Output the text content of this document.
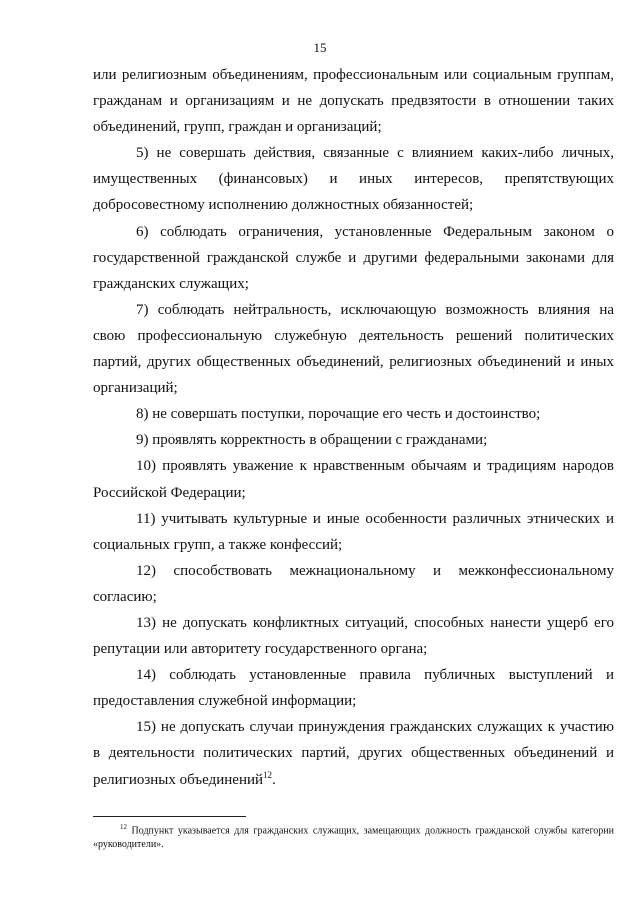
15

или религиозным объединениям, профессиональным или социальным группам, гражданам и организациям и не допускать предвзятости в отношении таких объединений, групп, граждан и организаций;

5) не совершать действия, связанные с влиянием каких-либо личных, имущественных (финансовых) и иных интересов, препятствующих добросовестному исполнению должностных обязанностей;

6) соблюдать ограничения, установленные Федеральным законом о государственной гражданской службе и другими федеральными законами для гражданских служащих;

7) соблюдать нейтральность, исключающую возможность влияния на свою профессиональную служебную деятельность решений политических партий, других общественных объединений, религиозных объединений и иных организаций;

8) не совершать поступки, порочащие его честь и достоинство;

9) проявлять корректность в обращении с гражданами;

10) проявлять уважение к нравственным обычаям и традициям народов Российской Федерации;

11) учитывать культурные и иные особенности различных этнических и социальных групп, а также конфессий;

12) способствовать межнациональному и межконфессиональному согласию;

13) не допускать конфликтных ситуаций, способных нанести ущерб его репутации или авторитету государственного органа;

14) соблюдать установленные правила публичных выступлений и предоставления служебной информации;

15) не допускать случаи принуждения гражданских служащих к участию в деятельности политических партий, других общественных объединений и религиозных объединений$^{12}$.

$^{12}$ Подпункт указывается для гражданских служащих, замещающих должность гражданской службы категории «руководители».
